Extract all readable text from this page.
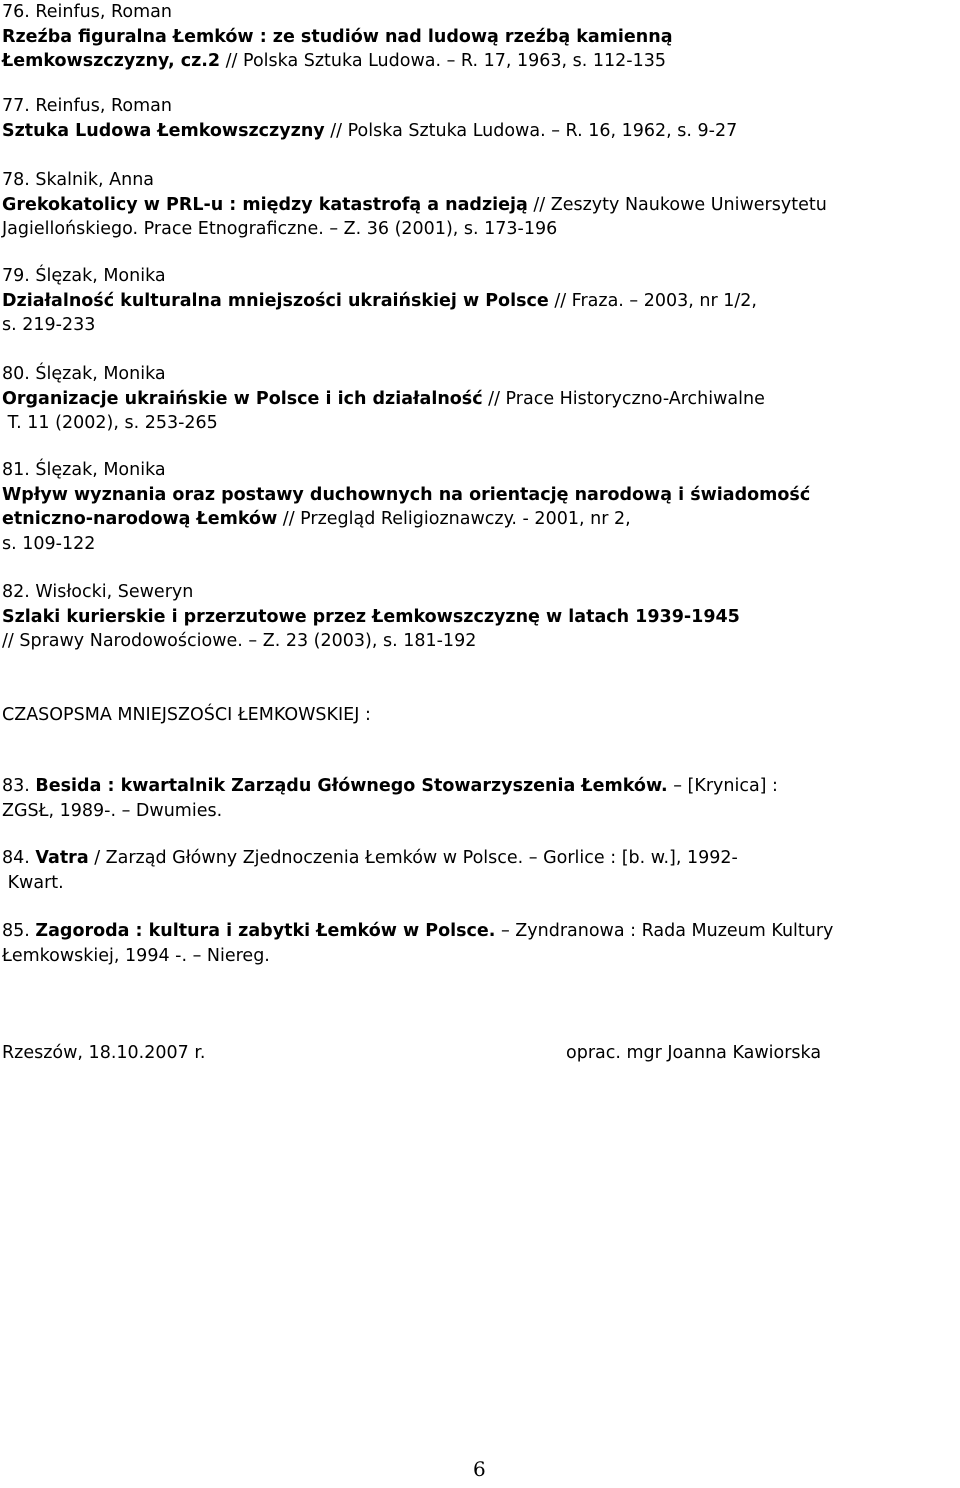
76. Reinfus, Roman
Rzeźba figuralna Łemków : ze studiów nad ludową rzeźbą kamienną
Łemkowszczyzny, cz.2 // Polska Sztuka Ludowa. – R. 17, 1963, s. 112-135
77. Reinfus, Roman
Sztuka Ludowa Łemkowszczyzny // Polska Sztuka Ludowa. – R. 16, 1962, s. 9-27
78. Skalnik, Anna
Grekokatolicy w PRL-u : między katastrofą a nadzieją // Zeszyty Naukowe Uniwersytetu
Jagiellońskiego. Prace Etnograficzne. – Z. 36 (2001), s. 173-196
79. Ślęzak, Monika
Działalność kulturalna mniejszości ukraińskiej w Polsce // Fraza. – 2003, nr 1/2,
s. 219-233
80. Ślęzak, Monika
Organizacje ukraińskie w Polsce i ich działalność // Prace Historyczno-Archiwalne
T. 11 (2002), s. 253-265
81. Ślęzak, Monika
Wpływ wyznania oraz postawy duchownych na orientację narodową i świadomość
etniczno-narodową Łemków // Przegląd Religioznawczy. - 2001, nr 2,
s. 109-122
82. Wisłocki, Seweryn
Szlaki kurierskie i przerzutowe przez Łemkowszczyznę w latach 1939-1945
// Sprawy Narodowościowe. – Z. 23 (2003), s. 181-192
CZASOPSMA MNIEJSZOŚCI ŁEMKOWSKIEJ :
83. Besida : kwartalnik Zarządu Głównego Stowarzyszenia Łemków. – [Krynica] :
ZGSŁ, 1989-. – Dwumies.
84. Vatra / Zarząd Główny Zjednoczenia Łemków w Polsce. – Gorlice : [b. w.], 1992-
Kwart.
85. Zagoroda : kultura i zabytki Łemków w Polsce. – Zyndranowa : Rada Muzeum Kultury
Łemkowskiej, 1994 -. – Niereg.
Rzeszów, 18.10.2007 r.	oprac. mgr Joanna Kawiorska
6
